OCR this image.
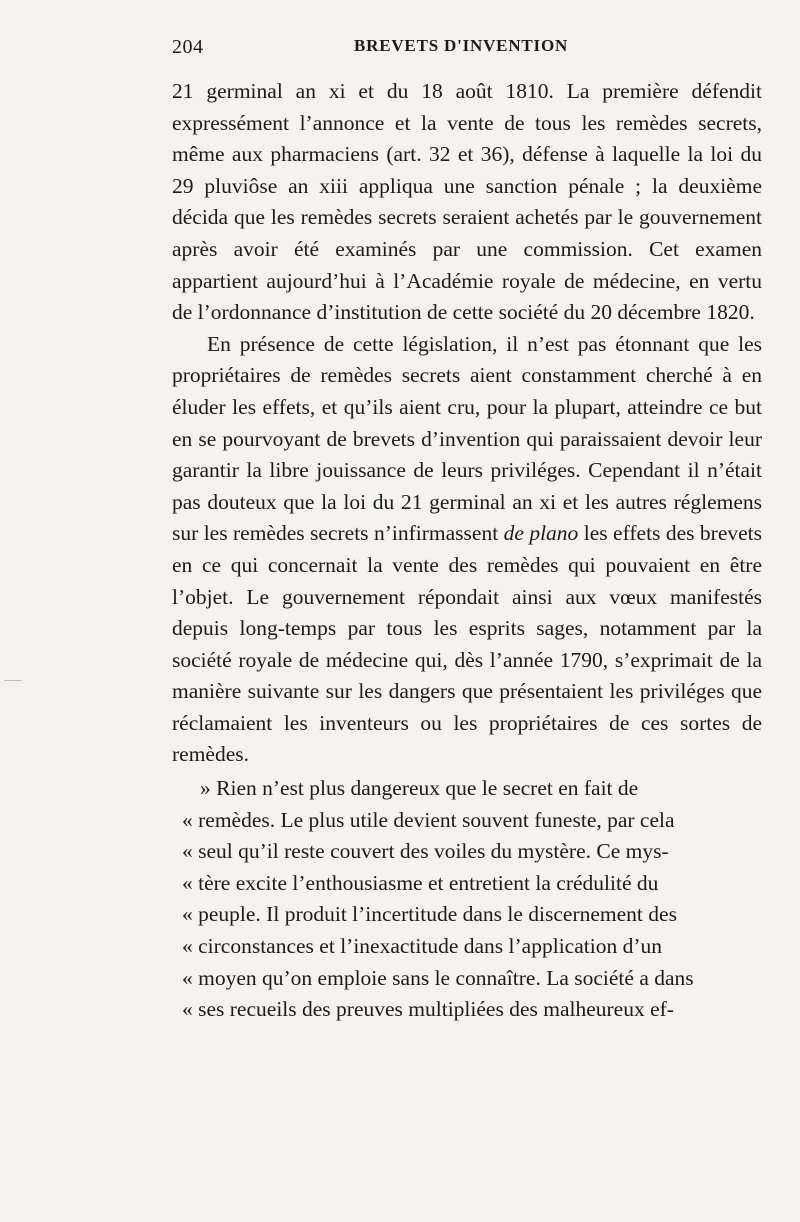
204	BREVETS D'INVENTION

21 germinal an xi et du 18 août 1810. La première défendit expressément l’annonce et la vente de tous les remèdes secrets, même aux pharmaciens (art. 32 et 36), défense à laquelle la loi du 29 pluviôse an xiii appliqua une sanction pénale ; la deuxième décida que les remèdes secrets seraient achetés par le gouvernement après avoir été examinés par une commission. Cet examen appartient aujourd’hui à l’Académie royale de médecine, en vertu de l’ordonnance d’institution de cette société du 20 décembre 1820.

En présence de cette législation, il n’est pas étonnant que les propriétaires de remèdes secrets aient constamment cherché à en éluder les effets, et qu’ils aient cru, pour la plupart, atteindre ce but en se pourvoyant de brevets d’invention qui paraissaient devoir leur garantir la libre jouissance de leurs priviléges. Cependant il n’était pas douteux que la loi du 21 germinal an xi et les autres réglemens sur les remèdes secrets n’infirmassent de plano les effets des brevets en ce qui concernait la vente des remèdes qui pouvaient en être l’objet. Le gouvernement répondait ainsi aux vœux manifestés depuis long-temps par tous les esprits sages, notamment par la société royale de médecine qui, dès l’année 1790, s’exprimait de la manière suivante sur les dangers que présentaient les priviléges que réclamaient les inventeurs ou les propriétaires de ces sortes de remèdes.

» Rien n’est plus dangereux que le secret en fait de
« remèdes. Le plus utile devient souvent funeste, par cela
« seul qu’il reste couvert des voiles du mystère. Ce mys-
« tère excite l’enthousiasme et entretient la crédulité du
« peuple. Il produit l’incertitude dans le discernement des
« circonstances et l’inexactitude dans l’application d’un
« moyen qu’on emploie sans le connaître. La société a dans
« ses recueils des preuves multipliées des malheureux ef-
